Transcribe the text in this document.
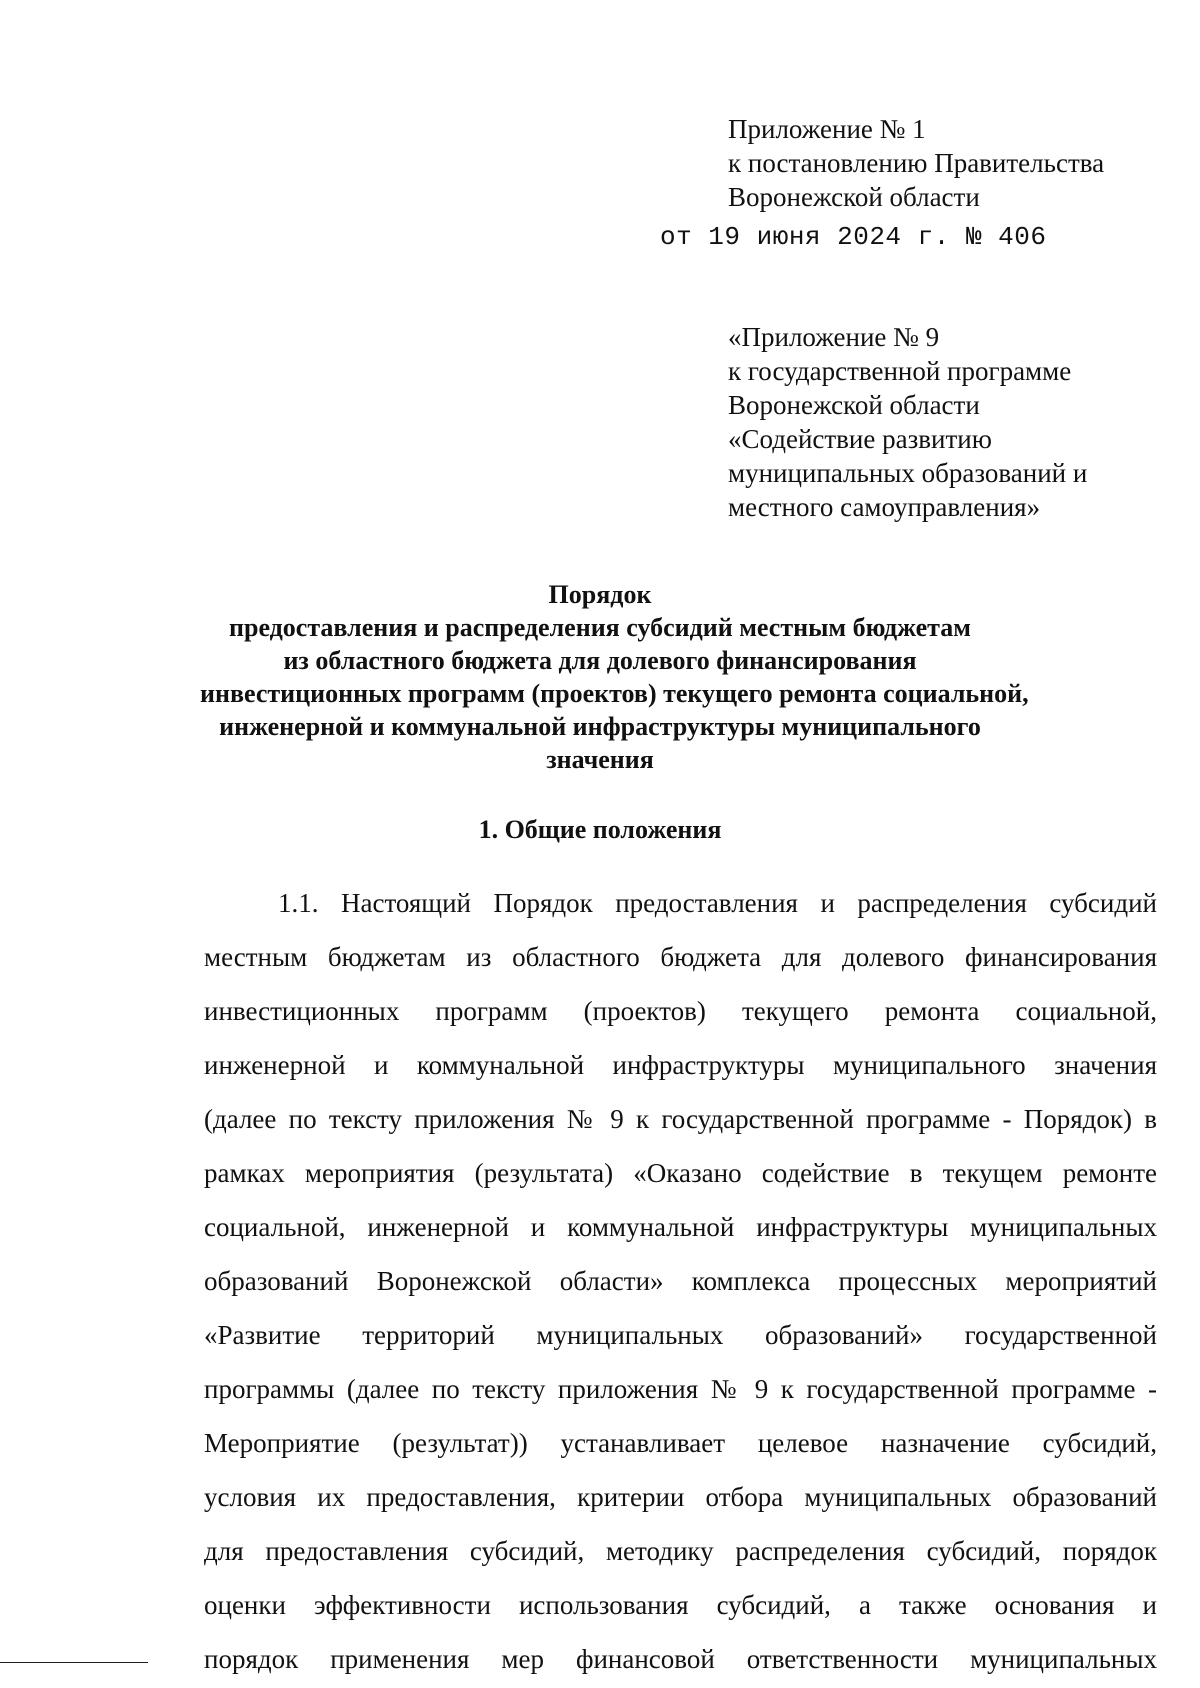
Приложение № 1
к постановлению Правительства
Воронежской области
от 19 июня 2024 г. № 406
«Приложение № 9
к государственной программе
Воронежской области
«Содействие развитию
муниципальных образований и
местного самоуправления»
Порядок
предоставления и распределения субсидий местным бюджетам
из областного бюджета для долевого финансирования
инвестиционных программ (проектов) текущего ремонта социальной,
инженерной и коммунальной инфраструктуры муниципального
значения
1. Общие положения
1.1. Настоящий Порядок предоставления и распределения субсидий
местным бюджетам из областного бюджета для долевого финансирования
инвестиционных программ (проектов) текущего ремонта социальной,
инженерной и коммунальной инфраструктуры муниципального значения
(далее по тексту приложения № 9 к государственной программе - Порядок) в
рамках мероприятия (результата) «Оказано содействие в текущем ремонте
социальной, инженерной и коммунальной инфраструктуры муниципальных
образований Воронежской области» комплекса процессных мероприятий
«Развитие территорий муниципальных образований» государственной
программы (далее по тексту приложения № 9 к государственной программе -
Мероприятие (результат)) устанавливает целевое назначение субсидий,
условия их предоставления, критерии отбора муниципальных образований
для предоставления субсидий, методику распределения субсидий, порядок
оценки эффективности использования субсидий, а также основания и
порядок применения мер финансовой ответственности муниципальных
